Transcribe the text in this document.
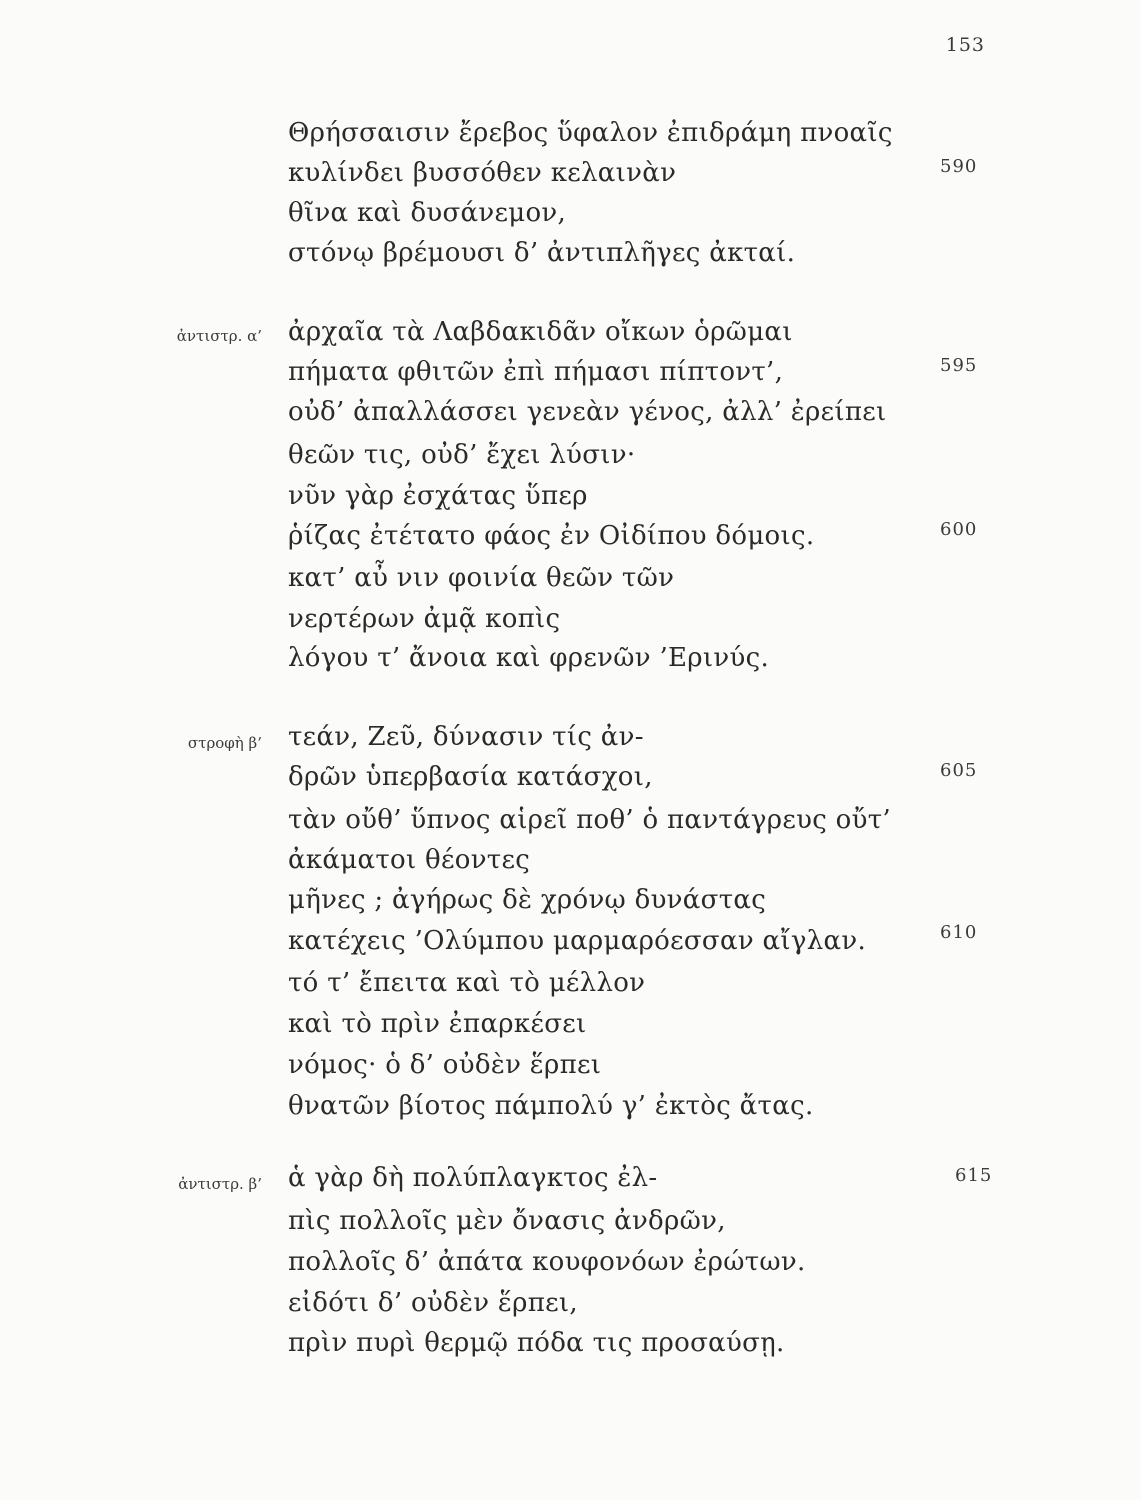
153
Θρήσσαισιν ἔρεβος ὕφαλον ἐπιδράμη πνοαῖς
κυλίνδει βυσσόθεν κελαινὰν	590
θῖνα καὶ δυσάνεμον,
στόνῳ βρέμουσι δ’ ἀντιπλῆγες ἀκταί.
ἀντιστρ. α’ ἀρχαῖα τὰ Λαβδακιδᾶν οἴκων ὁρῶμαι
πήματα φθιτῶν ἐπὶ πήμασι πίπτοντ’,	595
οὐδ’ ἀπαλλάσσει γενεὰν γένος, ἀλλ’ ἐρείπει
θεῶν τις, οὐδ’ ἔχει λύσιν·
νῦν γὰρ ἐσχάτας ὕπερ
ῥίζας ἐτέτατο φάος ἐν Οἰδίπου δόμοις.	600
κατ’ αὖ νιν φοινία θεῶν τῶν
νερτέρων ἀμᾷ κοπὶς
λόγου τ’ ἄνοια καὶ φρενῶν ’Ερινύς.
στροφὴ β’ τεάν, Ζεῦ, δύνασιν τίς ἀν-
δρῶν ὑπερβασία κατάσχοι,	605
τὰν οὔθ’ ὕπνος αἱρεῖ ποθ’ ὁ παντάγρευς οὔτ’
ἀκάματοι θέοντες
μῆνες ; ἀγήρως δὲ χρόνῳ δυνάστας
κατέχεις ’Ολύμπου μαρμαρόεσσαν αἴγλαν.	610
τό τ’ ἔπειτα καὶ τὸ μέλλον
καὶ τὸ πρὶν ἐπαρκέσει
νόμος· ὁ δ’ οὐδὲν ἕρπει
θνατῶν βίοτος πάμπολύ γ’ ἐκτὸς ἄτας.
ἀντιστρ. β’ ἁ γὰρ δὴ πολύπλαγκτος ἐλ-	615
πὶς πολλοῖς μὲν ὄνασις ἀνδρῶν,
πολλοῖς δ’ ἀπάτα κουφονόων ἐρώτων.
εἰδότι δ’ οὐδὲν ἕρπει,
πρὶν πυρὶ θερμῷ πόδα τις προσαύσῃ.
